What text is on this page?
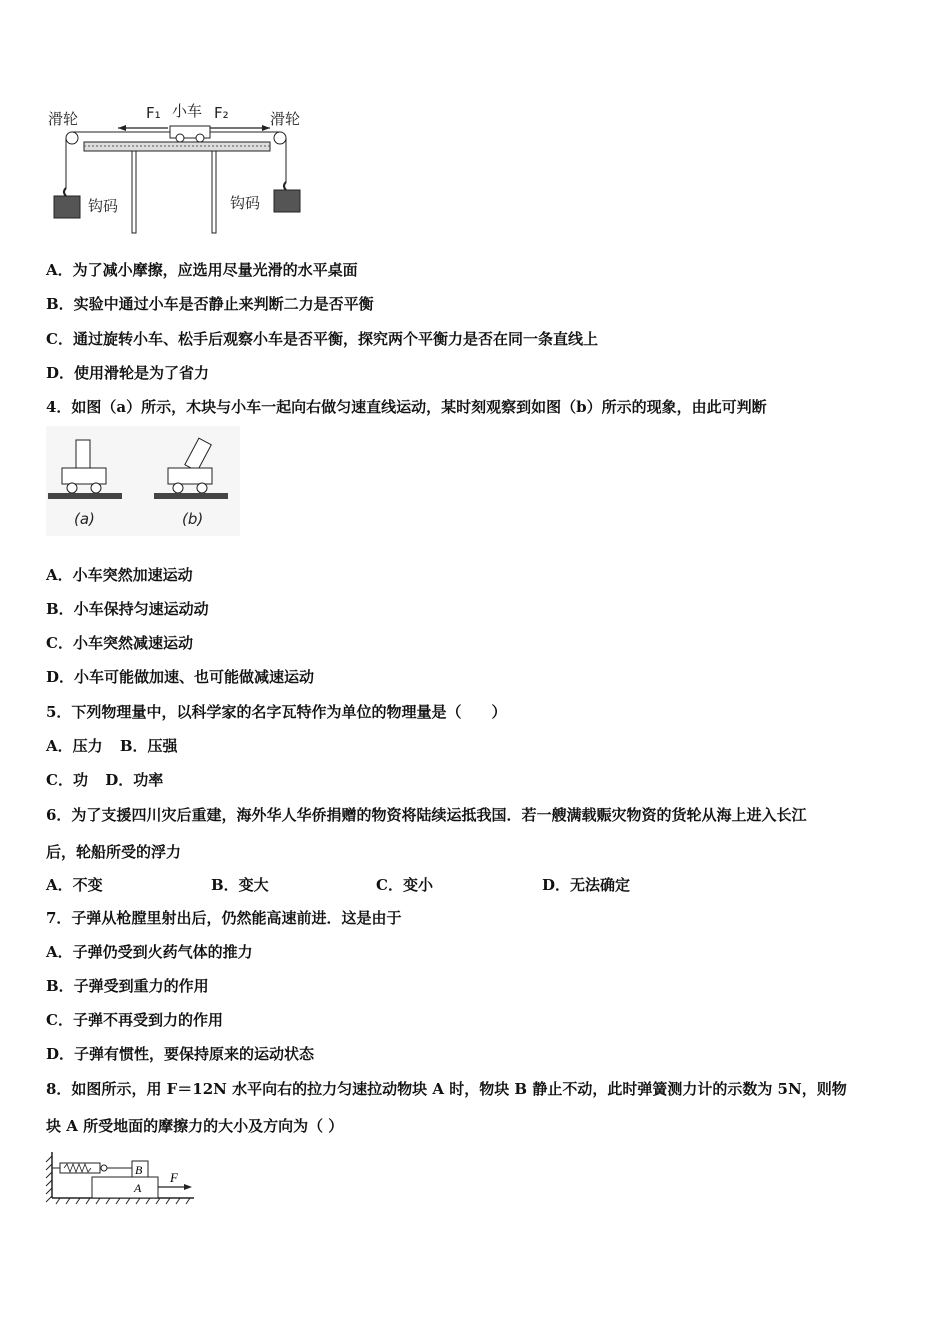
滑轮	滑轮
小车
F₁	F₂
钩码	钩码
A．为了减小摩擦，应选用尽量光滑的水平桌面
B．实验中通过小车是否静止来判断二力是否平衡
C．通过旋转小车、松手后观察小车是否平衡，探究两个平衡力是否在同一条直线上
D．使用滑轮是为了省力
4．如图（a）所示，木块与小车一起向右做匀速直线运动，某时刻观察到如图（b）所示的现象，由此可判断
(a)	(b)
A．小车突然加速运动
B．小车保持匀速运动动
C．小车突然减速运动
D．小车可能做加速、也可能做减速运动
5．下列物理量中，以科学家的名字瓦特作为单位的物理量是（　　）
A．压力 B．压强
C．功 D．功率
6．为了支援四川灾后重建，海外华人华侨捐赠的物资将陆续运抵我国．若一艘满载赈灾物资的货轮从海上进入长江
后，轮船所受的浮力
A．不变	B．变大	C．变小	D．无法确定
7．子弹从枪膛里射出后，仍然能高速前进．这是由于
A．子弹仍受到火药气体的推力
B．子弹受到重力的作用
C．子弹不再受到力的作用
D．子弹有惯性，要保持原来的运动状态
8．如图所示，用 F＝12N 水平向右的拉力匀速拉动物块 A 时，物块 B 静止不动，此时弹簧测力计的示数为 5N，则物
块 A 所受地面的摩擦力的大小及方向为（ ）
B
A
F
